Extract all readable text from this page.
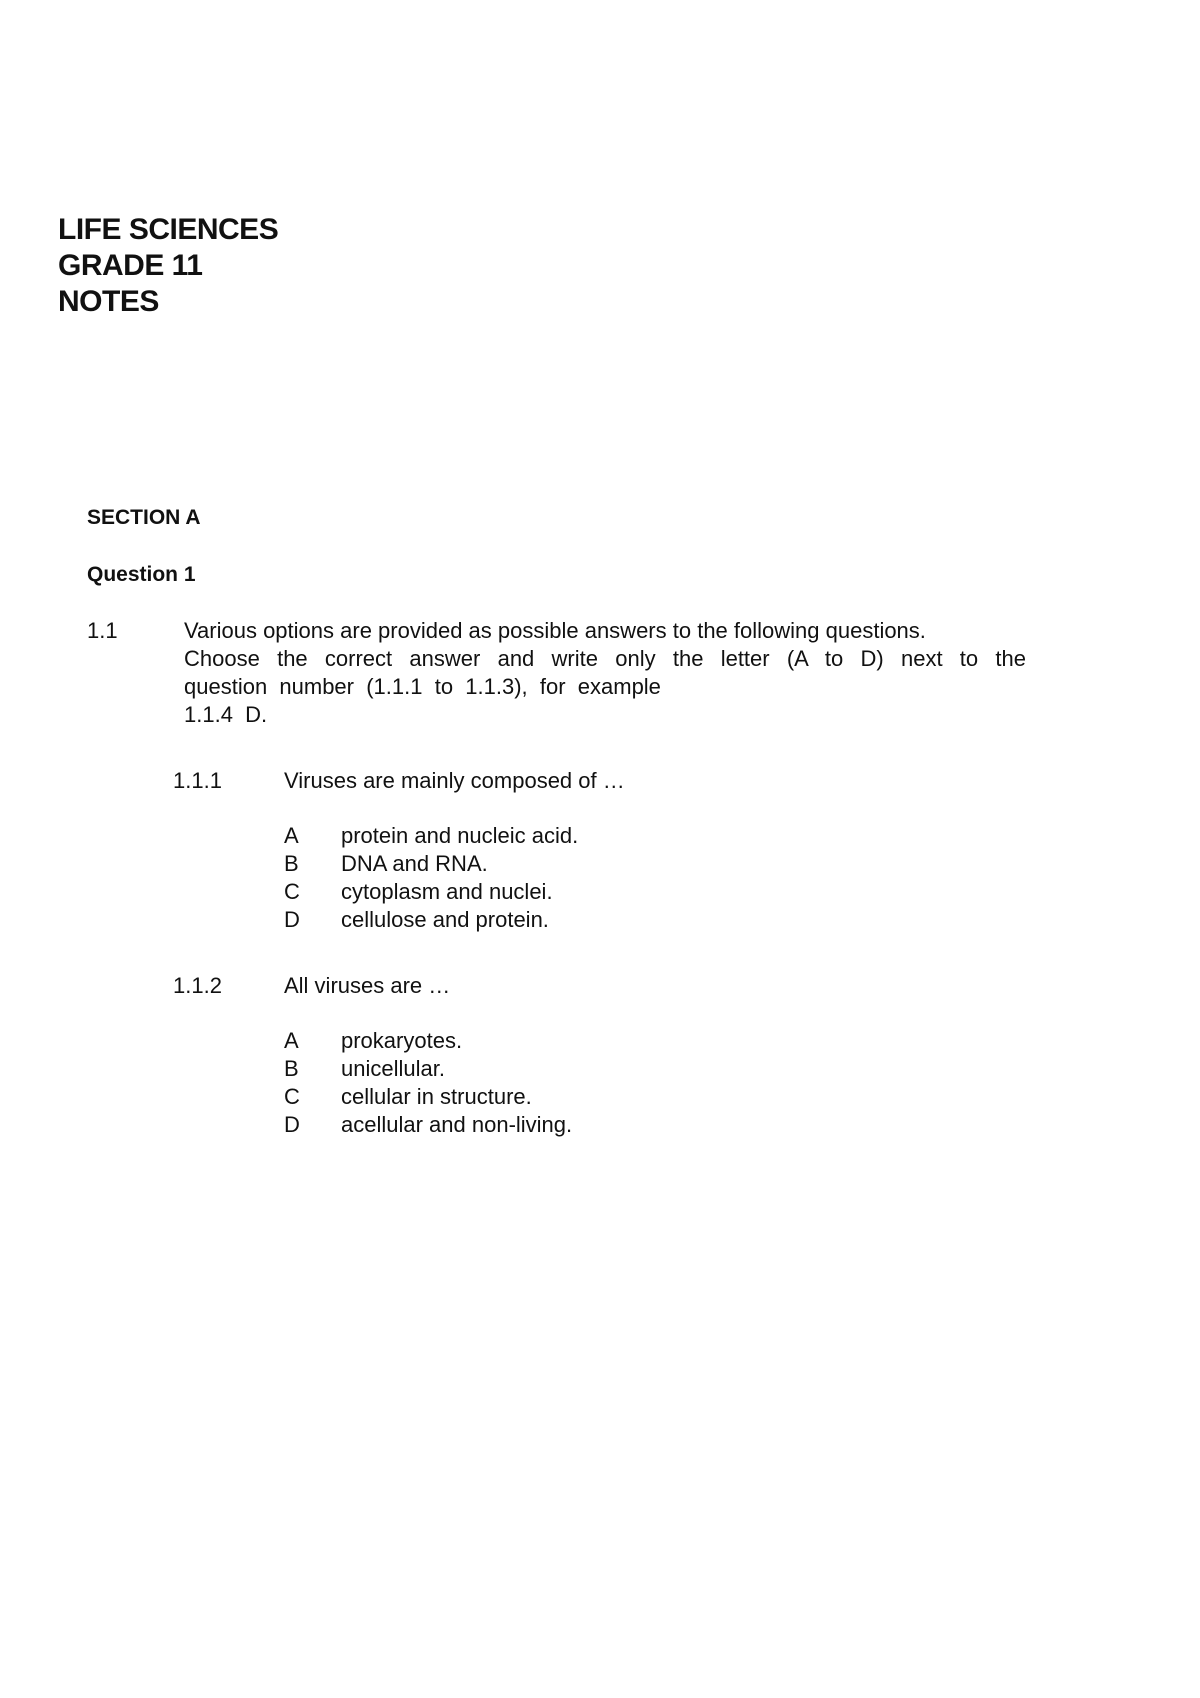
LIFE SCIENCES
GRADE 11
NOTES
SECTION A
Question 1
1.1	Various options are provided as possible answers to the following questions.
Choose the correct answer and write only the letter (A to D) next to the
question  number  (1.1.1  to  1.1.3),  for  example
1.1.4  D.
1.1.1	Viruses are mainly composed of …
A protein and nucleic acid.
B DNA and RNA.
C cytoplasm and nuclei.
D cellulose and protein.
1.1.2	All viruses are …
A prokaryotes.
B unicellular.
C cellular in structure.
D acellular and non-living.
